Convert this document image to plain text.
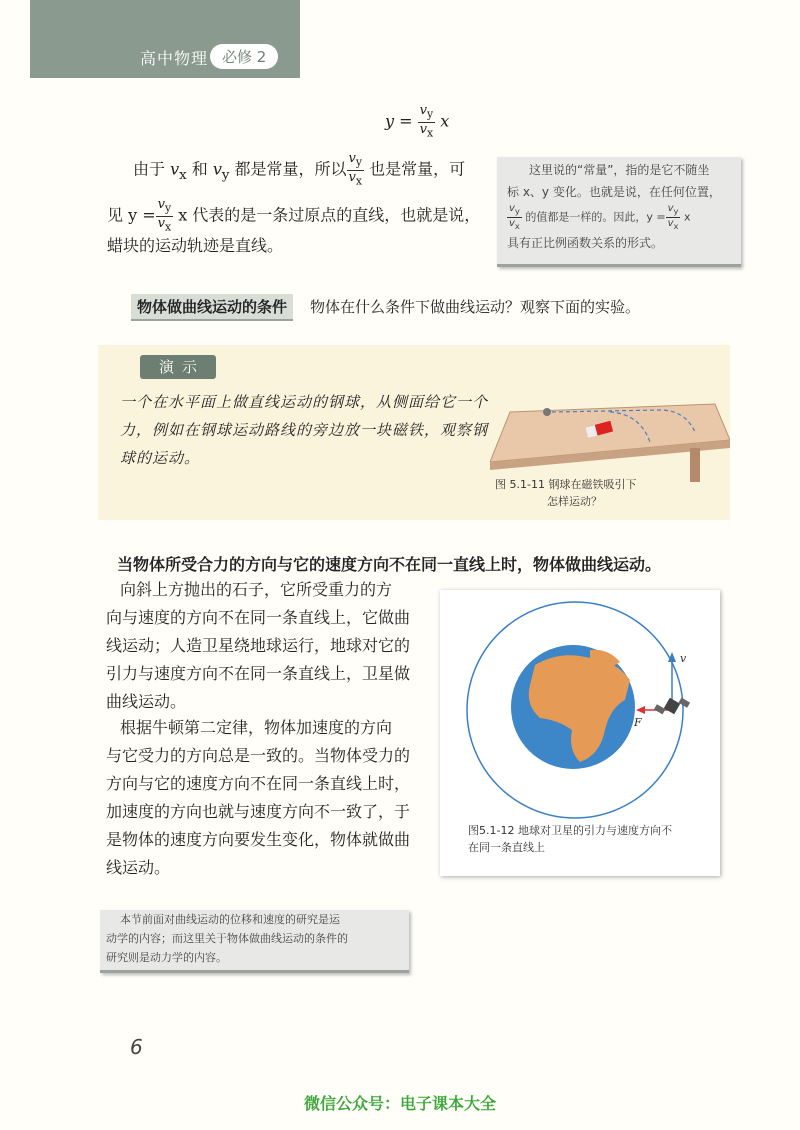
高中物理 必修 2
$y = \frac{v_y}{v_x}$ x
由于 $v_x$ 和 $v_y$ 都是常量，所以 $\frac{v_y}{v_x}$ 也是常量，可
见 $y = \frac{v_y}{v_x}$ x 代表的是一条过原点的直线，也就是说，
蜡块的运动轨迹是直线。
这里说的“常量”，指的是它不随坐
标 x、y 变化。也就是说，在任何位置，
$\frac{v_y}{v_x}$ 的值都是一样的。因此，$y = \frac{v_y}{v_x}$ x
具有正比例函数关系的形式。
物体做曲线运动的条件	物体在什么条件下做曲线运动？观察下面的实验。
演示
一个在水平面上做直线运动的钢球，从侧面给它一个力，例如在钢球运动路线的旁边放一块磁铁，观察钢球的运动。
图 5.1-11 钢球在磁铁吸引下
怎样运动？
当物体所受合力的方向与它的速度方向不在同一直线上时，物体做曲线运动。
向斜上方抛出的石子，它所受重力的方
向与速度的方向不在同一条直线上，它做曲
线运动；人造卫星绕地球运行，地球对它的
引力与速度方向不在同一条直线上，卫星做
曲线运动。
根据牛顿第二定律，物体加速度的方向
与它受力的方向总是一致的。当物体受力的
方向与它的速度方向不在同一条直线上时，
加速度的方向也就与速度方向不一致了，于
是物体的速度方向要发生变化，物体就做曲
线运动。
v
F
图5.1-12 地球对卫星的引力与速度方向不
在同一条直线上
本节前面对曲线运动的位移和速度的研究是运
动学的内容；而这里关于物体做曲线运动的条件的
研究则是动力学的内容。
6
微信公众号：电子课本大全
